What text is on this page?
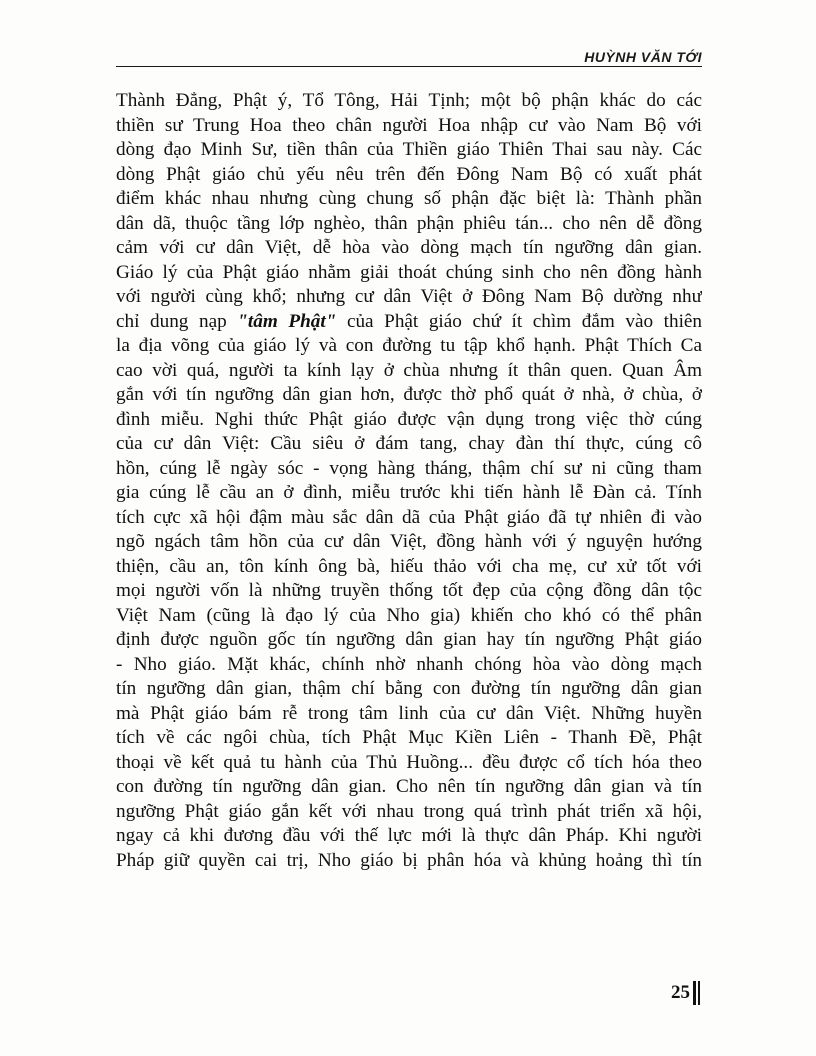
HUỲNH VĂN TỚI
Thành Đẳng, Phật ý, Tổ Tông, Hải Tịnh; một bộ phận khác do các
thiền sư Trung Hoa theo chân người Hoa nhập cư vào Nam Bộ với
dòng đạo Minh Sư, tiền thân của Thiền giáo Thiên Thai sau này. Các
dòng Phật giáo chủ yếu nêu trên đến Đông Nam Bộ có xuất phát
điểm khác nhau nhưng cùng chung số phận đặc biệt là: Thành phần
dân dã, thuộc tầng lớp nghèo, thân phận phiêu tán... cho nên dễ đồng
cảm với cư dân Việt, dễ hòa vào dòng mạch tín ngưỡng dân gian.
Giáo lý của Phật giáo nhằm giải thoát chúng sinh cho nên đồng hành
với người cùng khổ; nhưng cư dân Việt ở Đông Nam Bộ dường như
chỉ dung nạp "tâm Phật" của Phật giáo chứ ít chìm đắm vào thiên
la địa võng của giáo lý và con đường tu tập khổ hạnh. Phật Thích Ca
cao vời quá, người ta kính lạy ở chùa nhưng ít thân quen. Quan Âm
gắn với tín ngưỡng dân gian hơn, được thờ phổ quát ở nhà, ở chùa, ở
đình miễu. Nghi thức Phật giáo được vận dụng trong việc thờ cúng
của cư dân Việt: Cầu siêu ở đám tang, chay đàn thí thực, cúng cô
hồn, cúng lễ ngày sóc - vọng hàng tháng, thậm chí sư ni cũng tham
gia cúng lễ cầu an ở đình, miễu trước khi tiến hành lễ Đàn cả. Tính
tích cực xã hội đậm màu sắc dân dã của Phật giáo đã tự nhiên đi vào
ngõ ngách tâm hồn của cư dân Việt, đồng hành với ý nguyện hướng
thiện, cầu an, tôn kính ông bà, hiếu thảo với cha mẹ, cư xử tốt với
mọi người vốn là những truyền thống tốt đẹp của cộng đồng dân tộc
Việt Nam (cũng là đạo lý của Nho gia) khiến cho khó có thể phân
định được nguồn gốc tín ngưỡng dân gian hay tín ngưỡng Phật giáo
- Nho giáo. Mặt khác, chính nhờ nhanh chóng hòa vào dòng mạch
tín ngưỡng dân gian, thậm chí bằng con đường tín ngưỡng dân gian
mà Phật giáo bám rễ trong tâm linh của cư dân Việt. Những huyền
tích về các ngôi chùa, tích Phật Mục Kiền Liên - Thanh Đề, Phật
thoại về kết quả tu hành của Thủ Huồng... đều được cổ tích hóa theo
con đường tín ngưỡng dân gian. Cho nên tín ngưỡng dân gian và tín
ngưỡng Phật giáo gắn kết với nhau trong quá trình phát triển xã hội,
ngay cả khi đương đầu với thế lực mới là thực dân Pháp. Khi người
Pháp giữ quyền cai trị, Nho giáo bị phân hóa và khủng hoảng thì tín
25
